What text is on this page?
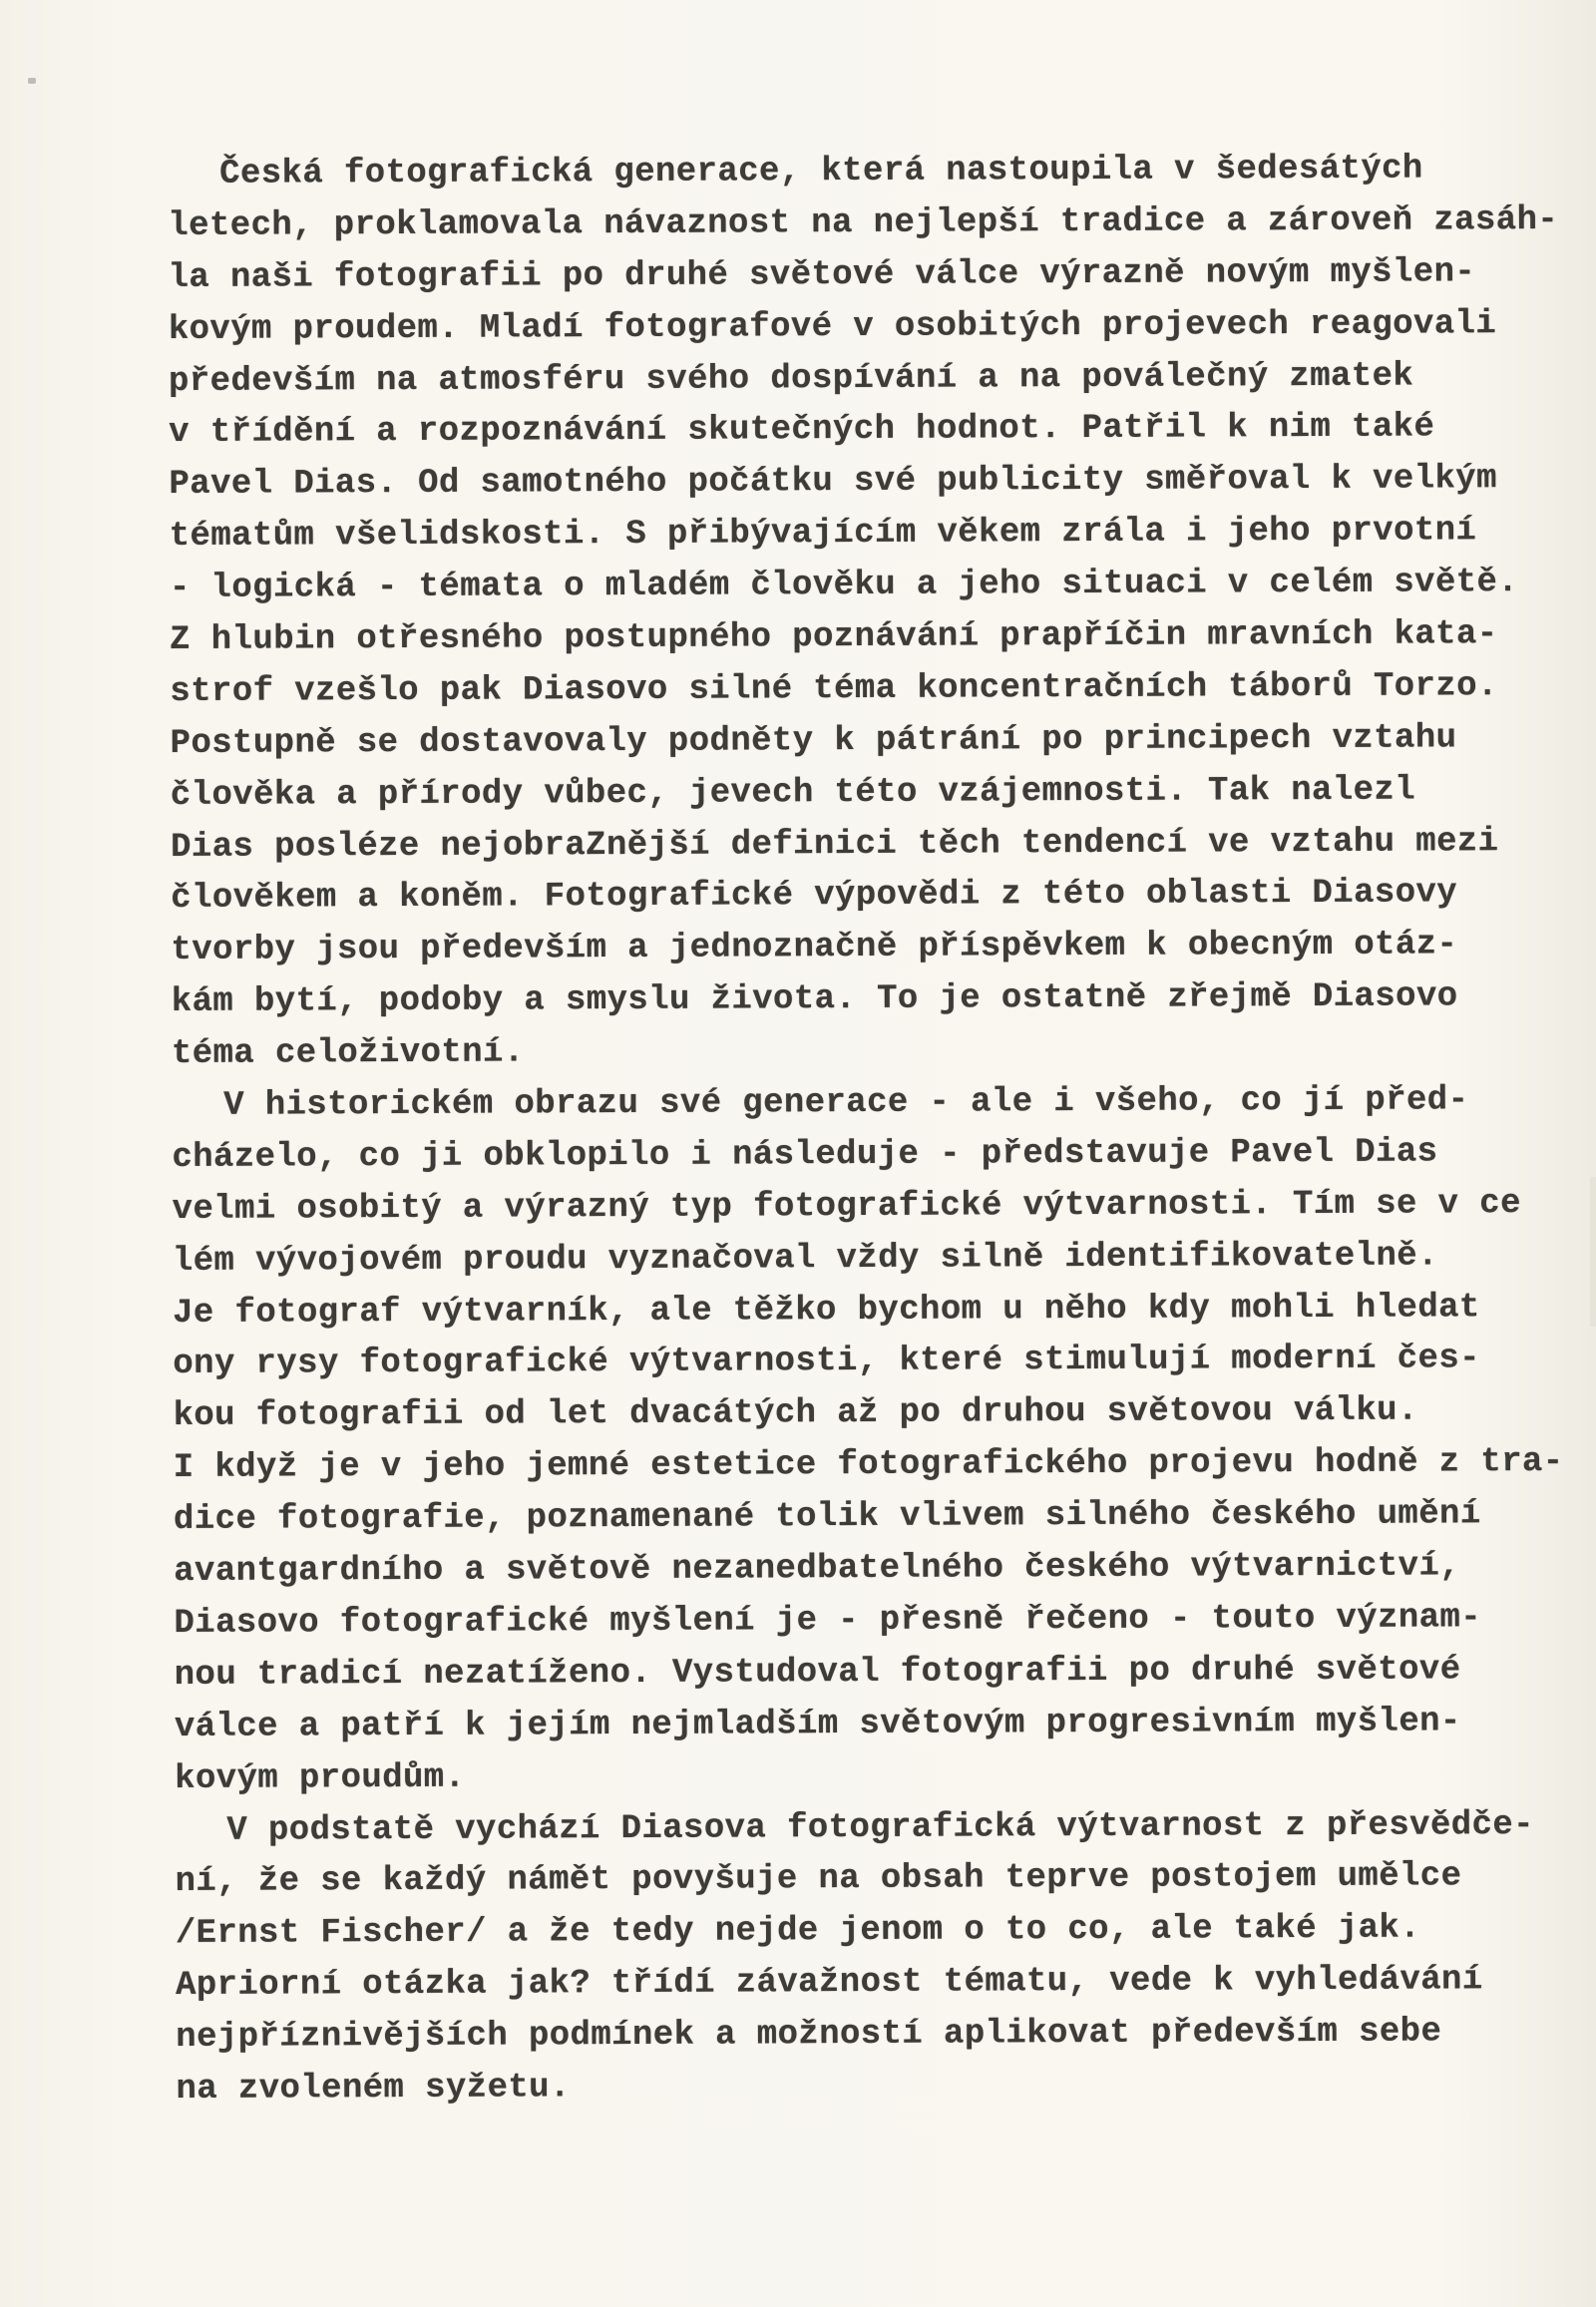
Česká fotografická generace, která nastoupila v šedesátých
letech, proklamovala návaznost na nejlepší tradice a zároveň zasáh-
la naši fotografii po druhé světové válce výrazně novým myšlen-
kovým proudem. Mladí fotografové v osobitých projevech reagovali
především na atmosféru svého dospívání a na poválečný zmatek
v třídění a rozpoznávání skutečných hodnot. Patřil k nim také
Pavel Dias. Od samotného počátku své publicity směřoval k velkým
tématům všelidskosti. S přibývajícím věkem zrála i jeho prvotní
- logická - témata o mladém člověku a jeho situaci v celém světě.
Z hlubin otřesného postupného poznávání prapříčin mravních kata-
strof vzešlo pak Diasovo silné téma koncentračních táborů Torzo.
Postupně se dostavovaly podněty k pátrání po principech vztahu
člověka a přírody vůbec, jevech této vzájemnosti. Tak nalezl
Dias posléze nejobraZnější definici těch tendencí ve vztahu mezi
člověkem a koněm. Fotografické výpovědi z této oblasti Diasovy
tvorby jsou především a jednoznačně příspěvkem k obecným otáz-
kám bytí, podoby a smyslu života. To je ostatně zřejmě Diasovo
téma celoživotní.
V historickém obrazu své generace - ale i všeho, co jí před-
cházelo, co ji obklopilo i následuje - představuje Pavel Dias
velmi osobitý a výrazný typ fotografické výtvarnosti. Tím se v ce
lém vývojovém proudu vyznačoval vždy silně identifikovatelně.
Je fotograf výtvarník, ale těžko bychom u něho kdy mohli hledat
ony rysy fotografické výtvarnosti, které stimulují moderní čes-
kou fotografii od let dvacátých až po druhou světovou válku.
I když je v jeho jemné estetice fotografického projevu hodně z tra-
dice fotografie, poznamenané tolik vlivem silného českého umění
avantgardního a světově nezanedbatelného českého výtvarnictví,
Diasovo fotografické myšlení je - přesně řečeno - touto význam-
nou tradicí nezatíženo. Vystudoval fotografii po druhé světové
válce a patří k jejím nejmladším světovým progresivním myšlen-
kovým proudům.
V podstatě vychází Diasova fotografická výtvarnost z přesvědče-
ní, že se každý námět povyšuje na obsah teprve postojem umělce
/Ernst Fischer/ a že tedy nejde jenom o to co, ale také jak.
Apriorní otázka jak? třídí závažnost tématu, vede k vyhledávání
nejpříznivějších podmínek a možností aplikovat především sebe
na zvoleném syžetu.
